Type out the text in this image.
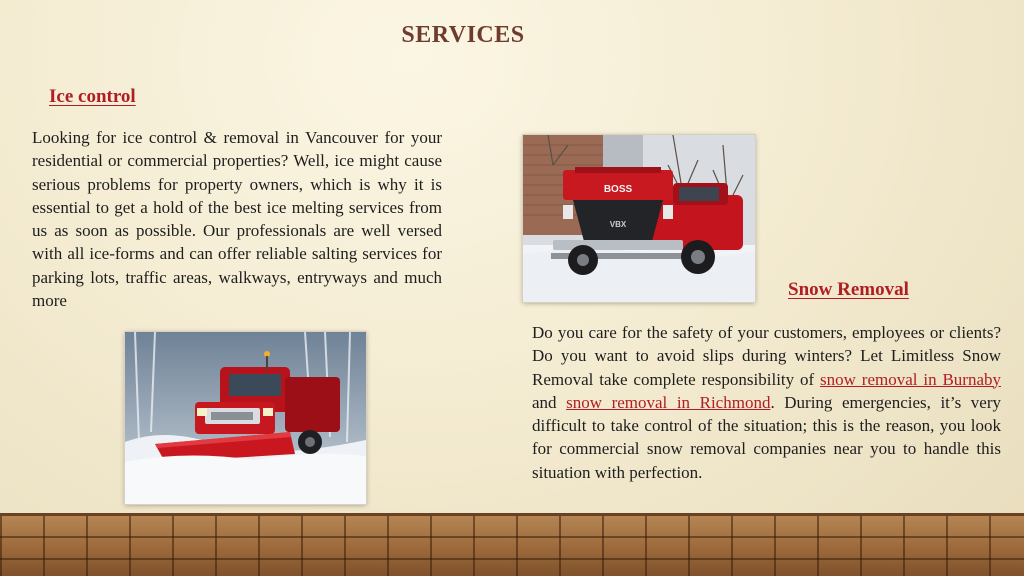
SERVICES
Ice control
Looking for ice control & removal in Vancouver for your residential or commercial properties? Well, ice might cause serious problems for property owners, which is why it is essential to get a hold of the best ice melting services from us as soon as possible. Our professionals are well versed with all ice-forms and can offer reliable salting services for parking lots, traffic areas, walkways, entryways and much more
BOSS
VBX
Snow Removal
Do you care for the safety of your customers, employees or clients? Do you want to avoid slips during winters? Let Limitless Snow Removal take complete responsibility of snow removal in Burnaby and snow removal in Richmond. During emergencies, it’s very difficult to take control of the situation; this is the reason, you look for commercial snow removal companies near you to handle this situation with perfection.
